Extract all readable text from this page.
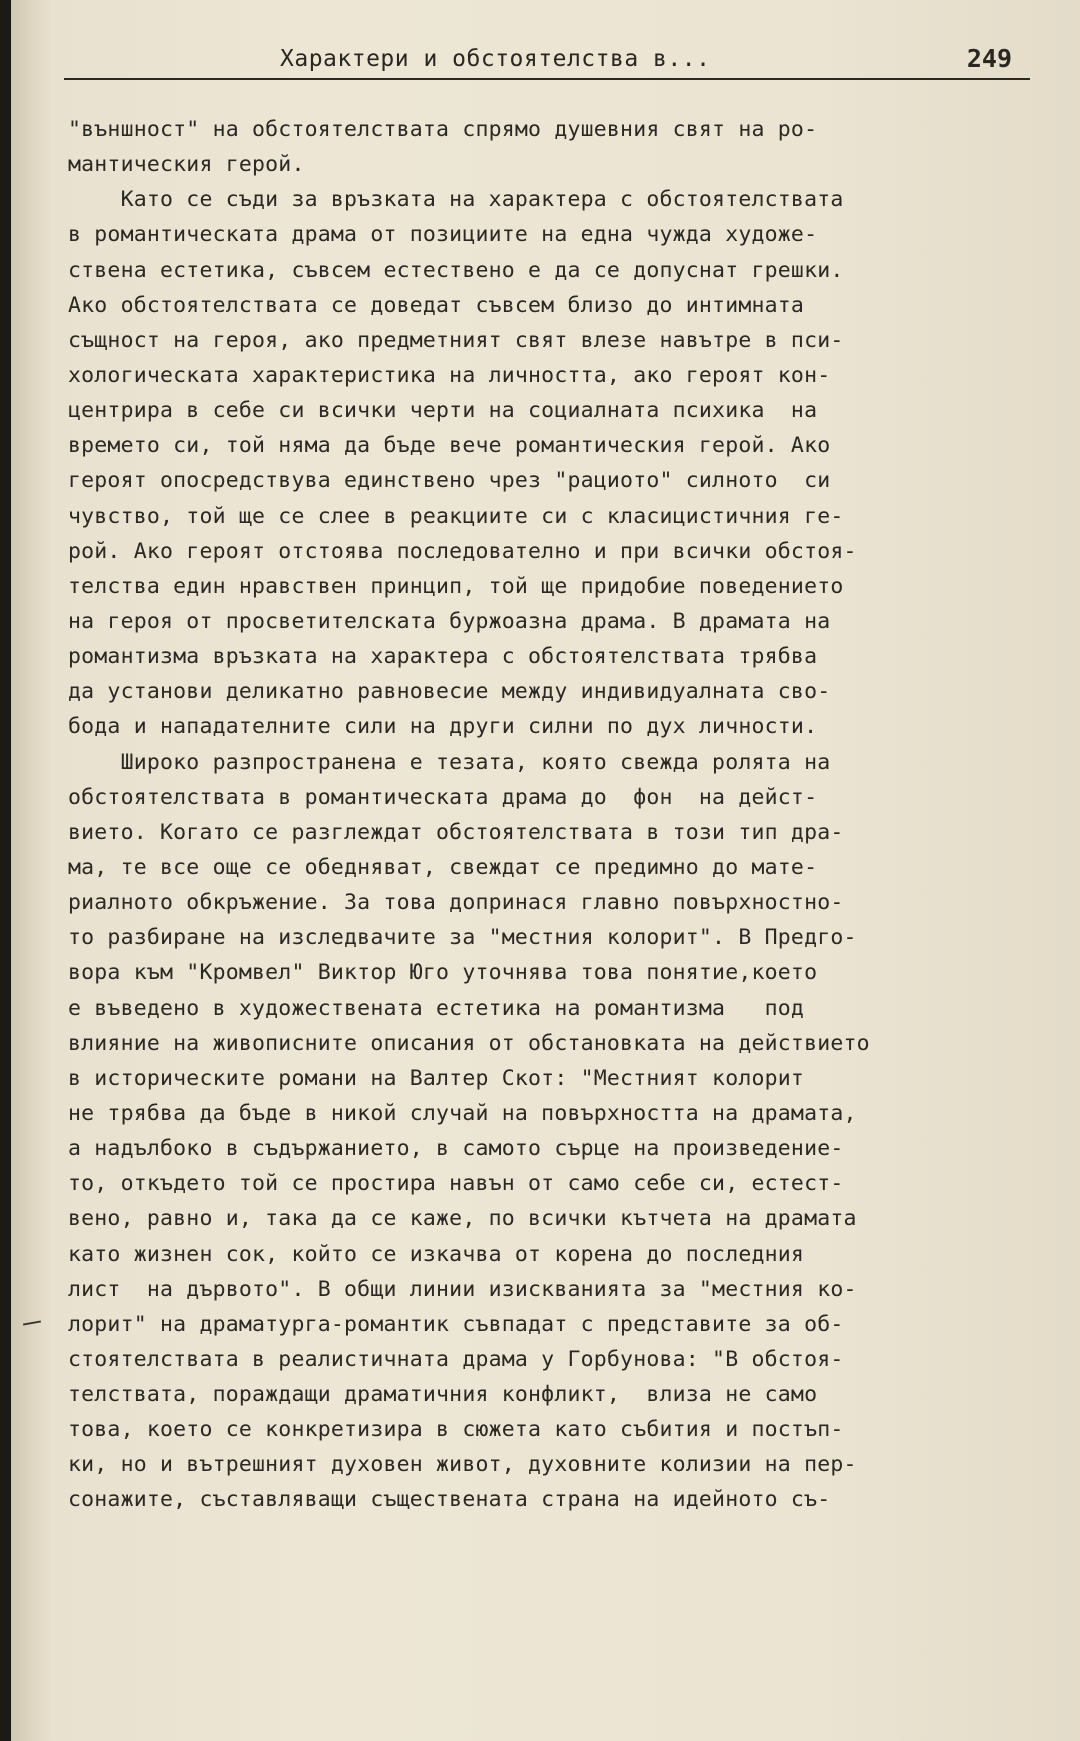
Характери и обстоятелства в...	249
"външност" на обстоятелствата спрямо душевния свят на ро-
мантическия герой.
Като се съди за връзката на характера с обстоятелствата
в романтическата драма от позициите на една чужда художе-
ствена естетика, съвсем естествено е да се допуснат грешки.
Ако обстоятелствата се доведат съвсем близо до интимната
същност на героя, ако предметният свят влезе навътре в пси-
хологическата характеристика на личността, ако героят кон-
центрира в себе си всички черти на социалната психика  на
времето си, той няма да бъде вече романтическия герой. Ако
героят опосредствува единствено чрез "рациото" силното  си
чувство, той ще се слее в реакциите си с класицистичния ге-
рой. Ако героят отстоява последователно и при всички обстоя-
телства един нравствен принцип, той ще придобие поведението
на героя от просветителската буржоазна драма. В драмата на
романтизма връзката на характера с обстоятелствата трябва
да установи деликатно равновесие между индивидуалната сво-
бода и нападателните сили на други силни по дух личности.
Широко разпространена е тезата, която свежда ролята на
обстоятелствата в романтическата драма до  фон  на дейст-
вието. Когато се разглеждат обстоятелствата в този тип дра-
ма, те все още се обедняват, свеждат се предимно до мате-
риалното обкръжение. За това допринася главно повърхностно-
то разбиране на изследвачите за "местния колорит". В Предго-
вора към "Кромвел" Виктор Юго уточнява това понятие,което
е въведено в художествената естетика на романтизма   под
влияние на живописните описания от обстановката на действието
в историческите романи на Валтер Скот: "Местният колорит
не трябва да бъде в никой случай на повърхността на драмата,
а надълбоко в съдържанието, в самото сърце на произведение-
то, откъдето той се простира навън от само себе си, естест-
вено, равно и, така да се каже, по всички кътчета на драмата
като жизнен сок, който се изкачва от корена до последния
лист  на дървото". В общи линии изискванията за "местния ко-
лорит" на драматурга-романтик съвпадат с представите за об-
стоятелствата в реалистичната драма у Горбунова: "В обстоя-
телствата, пораждащи драматичния конфликт,  влиза не само
това, което се конкретизира в сюжета като събития и постъп-
ки, но и вътрешният духовен живот, духовните колизии на пер-
сонажите, съставляващи съществената страна на идейното съ-
